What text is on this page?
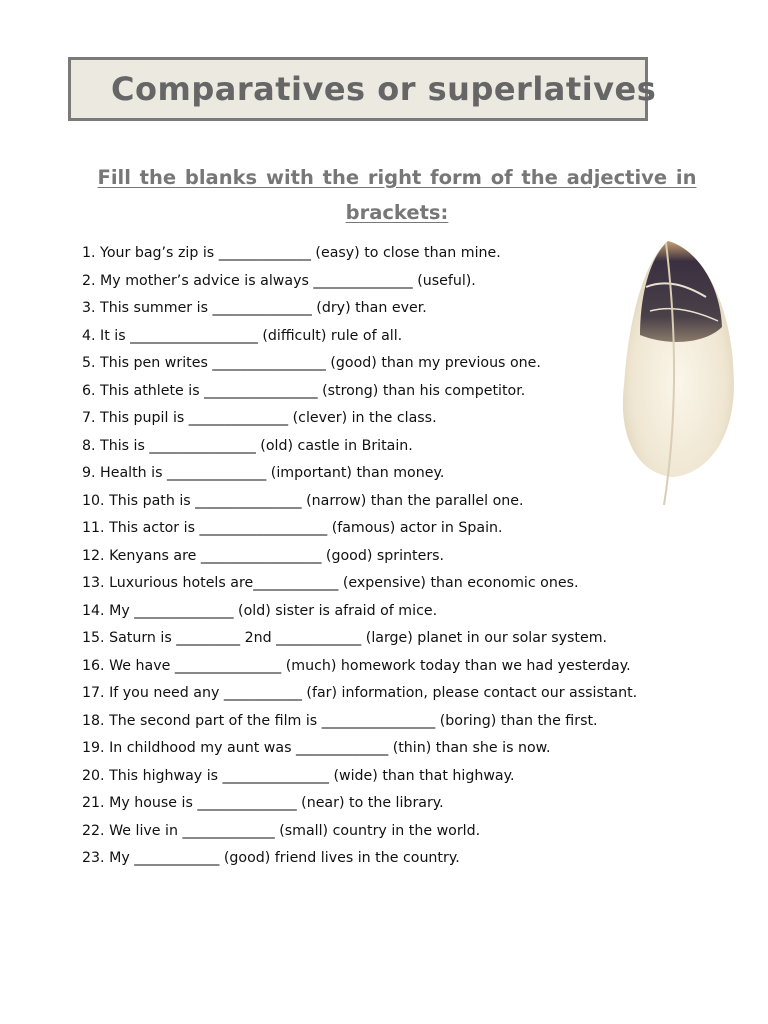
Comparatives or superlatives
Fill the blanks with the right form of the adjective in brackets:
1. Your bag’s zip is _____________ (easy) to close than mine.
2. My mother’s advice is always ______________ (useful).
3. This summer is ______________ (dry) than ever.
4. It is __________________ (difficult) rule of all.
5. This pen writes ________________ (good) than my previous one.
6. This athlete is ________________ (strong) than his competitor.
7. This pupil is ______________ (clever) in the class.
8. This is _______________ (old) castle in Britain.
9. Health is ______________ (important) than money.
10. This path is _______________ (narrow) than the parallel one.
11. This actor is __________________ (famous) actor in Spain.
12. Kenyans are _________________ (good) sprinters.
13. Luxurious hotels are____________ (expensive) than economic ones.
14. My ______________ (old) sister is afraid of mice.
15. Saturn is _________ 2nd ____________ (large) planet in our solar system.
16. We have _______________ (much) homework today than we had yesterday.
17. If you need any ___________ (far) information, please contact our assistant.
18. The second part of the film is ________________ (boring) than the first.
19. In childhood my aunt was _____________ (thin) than she is now.
20. This highway is _______________ (wide) than that highway.
21. My house is ______________ (near) to the library.
22. We live in _____________ (small) country in the world.
23. My ____________ (good) friend lives in the country.
